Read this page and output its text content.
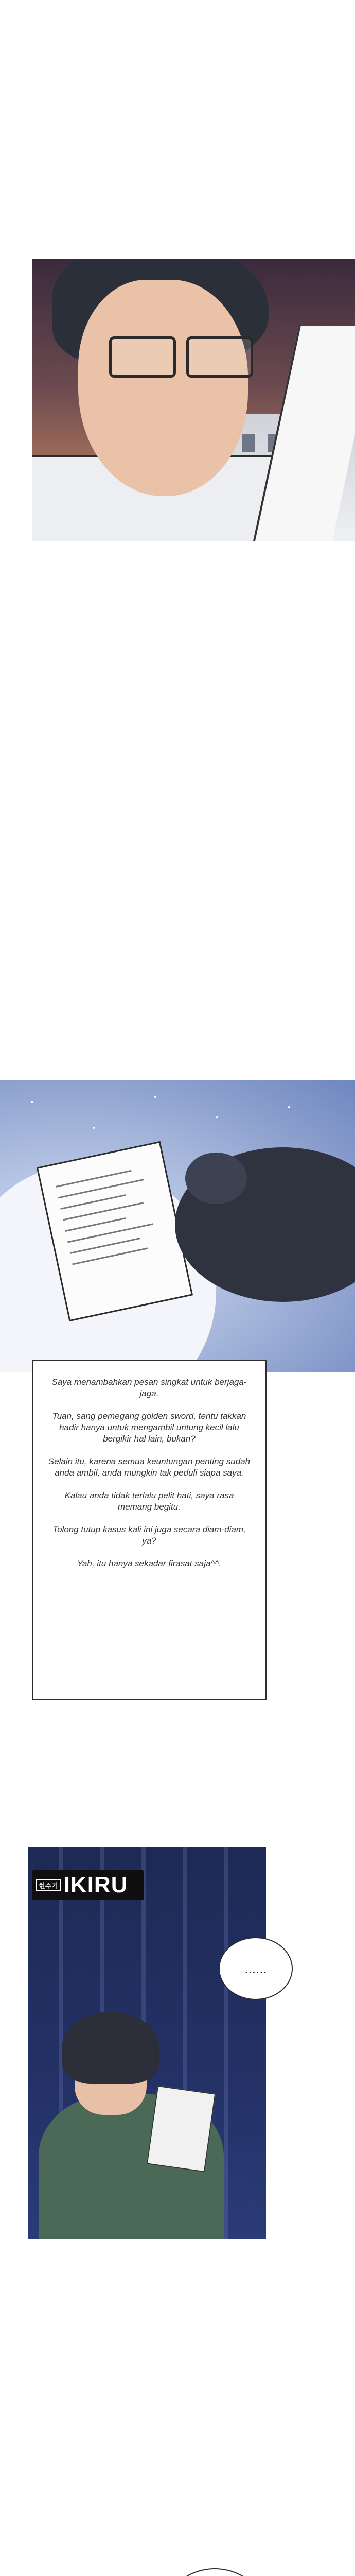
Saya menambahkan pesan singkat untuk berjaga-jaga.

Tuan, sang pemegang golden sword, tentu takkan hadir hanya untuk mengambil untung kecil lalu bergikir hal lain, bukan?

Selain itu, karena semua keuntungan penting sudah anda ambil, anda mungkin tak peduli siapa saya.

Kalau anda tidak terlalu pelit hati, saya rasa memang begitu.

Tolong tutup kasus kali ini juga secara diam-diam, ya?

Yah, itu hanya sekadar firasat saja^^.

현수기 IKIRU
......
